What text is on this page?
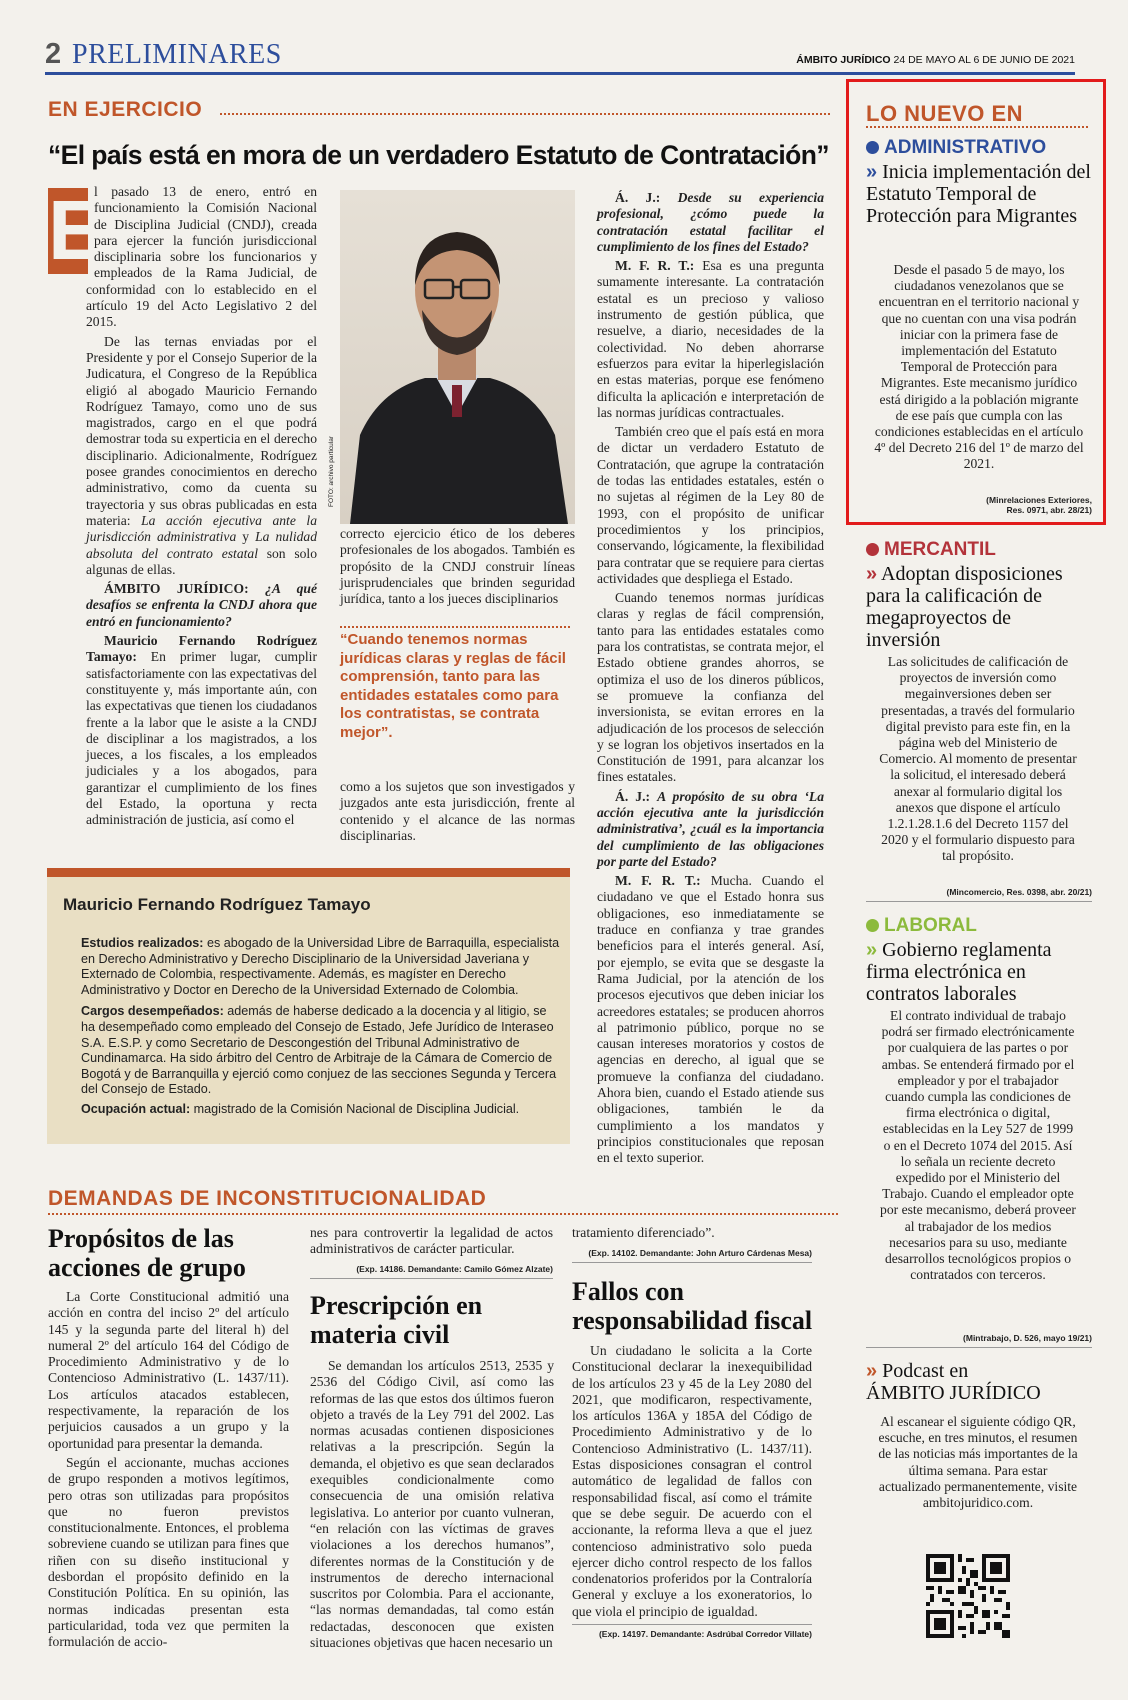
2 PRELIMINARES	ÁMBITO JURÍDICO 24 DE MAYO AL 6 DE JUNIO DE 2021
EN EJERCICIO
“El país está en mora de un verdadero Estatuto de Contratación”
E

l pasado 13 de enero, entró en funcionamiento la Comisión Nacional de Disciplina Judicial (CNDJ), creada para ejercer la función jurisdiccional disciplinaria sobre los funcionarios y empleados de la Rama Judicial, de conformidad con lo establecido en el artículo 19 del Acto Legislativo 2 del 2015.

De las ternas enviadas por el Presidente y por el Consejo Superior de la Judicatura, el Congreso de la República eligió al abogado Mauricio Fernando Rodríguez Tamayo, como uno de sus magistrados, cargo en el que podrá demostrar toda su experticia en el derecho disciplinario. Adicionalmente, Rodríguez posee grandes conocimientos en derecho administrativo, como da cuenta su trayectoria y sus obras publicadas en esta materia: La acción ejecutiva ante la jurisdicción administrativa y La nulidad absoluta del contrato estatal son solo algunas de ellas.

ÁMBITO JURÍDICO: ¿A qué desafíos se enfrenta la CNDJ ahora que entró en funcionamiento?

Mauricio Fernando Rodríguez Tamayo: En primer lugar, cumplir satisfactoriamente con las expectativas del constituyente y, más importante aún, con las expectativas que tienen los ciudadanos frente a la labor que le asiste a la CNDJ de disciplinar a los magistrados, a los jueces, a los fiscales, a los empleados judiciales y a los abogados, para garantizar el cumplimiento de los fines del Estado, la oportuna y recta administración de justicia, así como el

FOTO: archivo particular

correcto ejercicio ético de los deberes profesionales de los abogados. También es propósito de la CNDJ construir líneas jurisprudenciales que brinden seguridad jurídica, tanto a los jueces disciplinarios

“Cuando tenemos normas jurídicas claras y reglas de fácil comprensión, tanto para las entidades estatales como para los contratistas, se contrata mejor”.

como a los sujetos que son investigados y juzgados ante esta jurisdicción, frente al contenido y el alcance de las normas disciplinarias.

Á. J.: Desde su experiencia profesional, ¿cómo puede la contratación estatal facilitar el cumplimiento de los fines del Estado?

M. F. R. T.: Esa es una pregunta sumamente interesante. La contratación estatal es un precioso y valioso instrumento de gestión pública, que resuelve, a diario, necesidades de la colectividad. No deben ahorrarse esfuerzos para evitar la hiperlegislación en estas materias, porque ese fenómeno dificulta la aplicación e interpretación de las normas jurídicas contractuales.

También creo que el país está en mora de dictar un verdadero Estatuto de Contratación, que agrupe la contratación de todas las entidades estatales, estén o no sujetas al régimen de la Ley 80 de 1993, con el propósito de unificar procedimientos y los principios, conservando, lógicamente, la flexibilidad para contratar que se requiere para ciertas actividades que despliega el Estado.

Cuando tenemos normas jurídicas claras y reglas de fácil comprensión, tanto para las entidades estatales como para los contratistas, se contrata mejor, el Estado obtiene grandes ahorros, se optimiza el uso de los dineros públicos, se promueve la confianza del inversionista, se evitan errores en la adjudicación de los procesos de selección y se logran los objetivos insertados en la Constitución de 1991, para alcanzar los fines estatales.

Á. J.: A propósito de su obra ‘La acción ejecutiva ante la jurisdicción administrativa’, ¿cuál es la importancia del cumplimiento de las obligaciones por parte del Estado?

M. F. R. T.: Mucha. Cuando el ciudadano ve que el Estado honra sus obligaciones, eso inmediatamente se traduce en confianza y trae grandes beneficios para el interés general. Así, por ejemplo, se evita que se desgaste la Rama Judicial, por la atención de los procesos ejecutivos que deben iniciar los acreedores estatales; se producen ahorros al patrimonio público, porque no se causan intereses moratorios y costos de agencias en derecho, al igual que se promueve la confianza del ciudadano. Ahora bien, cuando el Estado atiende sus obligaciones, también le da cumplimiento a los mandatos y principios constitucionales que reposan en el texto superior.

Mauricio Fernando Rodríguez Tamayo

Estudios realizados: es abogado de la Universidad Libre de Barraquilla, especialista en Derecho Administrativo y Derecho Disciplinario de la Universidad Javeriana y Externado de Colombia, respectivamente. Además, es magíster en Derecho Administrativo y Doctor en Derecho de la Universidad Externado de Colombia.

Cargos desempeñados: además de haberse dedicado a la docencia y al litigio, se ha desempeñado como empleado del Consejo de Estado, Jefe Jurídico de Interaseo S.A. E.S.P. y como Secretario de Descongestión del Tribunal Administrativo de Cundinamarca. Ha sido árbitro del Centro de Arbitraje de la Cámara de Comercio de Bogotá y de Barranquilla y ejerció como conjuez de las secciones Segunda y Tercera del Consejo de Estado.

Ocupación actual: magistrado de la Comisión Nacional de Disciplina Judicial.

DEMANDAS DE INCONSTITUCIONALIDAD
Propósitos de las acciones de grupo

La Corte Constitucional admitió una acción en contra del inciso 2º del artículo 145 y la segunda parte del literal h) del numeral 2º del artículo 164 del Código de Procedimiento Administrativo y de lo Contencioso Administrativo (L. 1437/11). Los artículos atacados establecen, respectivamente, la reparación de los perjuicios causados a un grupo y la oportunidad para presentar la demanda.

Según el accionante, muchas acciones de grupo responden a motivos legítimos, pero otras son utilizadas para propósitos que no fueron previstos constitucionalmente. Entonces, el problema sobreviene cuando se utilizan para fines que riñen con su diseño institucional y desbordan el propósito definido en la Constitución Política. En su opinión, las normas indicadas presentan esta particularidad, toda vez que permiten la formulación de accio-

nes para controvertir la legalidad de actos administrativos de carácter particular.

(Exp. 14186. Demandante: Camilo Gómez Alzate)
Prescripción en materia civil

Se demandan los artículos 2513, 2535 y 2536 del Código Civil, así como las reformas de las que estos dos últimos fueron objeto a través de la Ley 791 del 2002. Las normas acusadas contienen disposiciones relativas a la prescripción. Según la demanda, el objetivo es que sean declarados exequibles condicionalmente como consecuencia de una omisión relativa legislativa. Lo anterior por cuanto vulneran, “en relación con las víctimas de graves violaciones a los derechos humanos”, diferentes normas de la Constitución y de instrumentos de derecho internacional suscritos por Colombia. Para el accionante, “las normas demandadas, tal como están redactadas, desconocen que existen situaciones objetivas que hacen necesario un

tratamiento diferenciado”.

(Exp. 14102. Demandante: John Arturo Cárdenas Mesa)
Fallos con responsabilidad fiscal

Un ciudadano le solicita a la Corte Constitucional declarar la inexequibilidad de los artículos 23 y 45 de la Ley 2080 del 2021, que modificaron, respectivamente, los artículos 136A y 185A del Código de Procedimiento Administrativo y de lo Contencioso Administrativo (L. 1437/11). Estas disposiciones consagran el control automático de legalidad de fallos con responsabilidad fiscal, así como el trámite que se debe seguir. De acuerdo con el accionante, la reforma lleva a que el juez contencioso administrativo solo pueda ejercer dicho control respecto de los fallos condenatorios proferidos por la Contraloría General y excluye a los exoneratorios, lo que viola el principio de igualdad.

(Exp. 14197. Demandante: Asdrúbal Corredor Villate)
LO NUEVO EN
ADMINISTRATIVO
» Inicia implementación del Estatuto Temporal de Protección para Migrantes
Desde el pasado 5 de mayo, los ciudadanos venezolanos que se encuentran en el territorio nacional y que no cuentan con una visa podrán iniciar con la primera fase de implementación del Estatuto Temporal de Protección para Migrantes. Este mecanismo jurídico está dirigido a la población migrante de ese país que cumpla con las condiciones establecidas en el artículo 4º del Decreto 216 del 1º de marzo del 2021.
(Minrelaciones Exteriores,
Res. 0971, abr. 28/21)
MERCANTIL
» Adoptan disposiciones para la calificación de megaproyectos de inversión
Las solicitudes de calificación de proyectos de inversión como megainversiones deben ser presentadas, a través del formulario digital previsto para este fin, en la página web del Ministerio de Comercio. Al momento de presentar la solicitud, el interesado deberá anexar al formulario digital los anexos que dispone el artículo 1.2.1.28.1.6 del Decreto 1157 del 2020 y el formulario dispuesto para tal propósito.
(Mincomercio, Res. 0398, abr. 20/21)
LABORAL
» Gobierno reglamenta firma electrónica en contratos laborales
El contrato individual de trabajo podrá ser firmado electrónicamente por cualquiera de las partes o por ambas. Se entenderá firmado por el empleador y por el trabajador cuando cumpla las condiciones de firma electrónica o digital, establecidas en la Ley 527 de 1999 o en el Decreto 1074 del 2015. Así lo señala un reciente decreto expedido por el Ministerio del Trabajo. Cuando el empleador opte por este mecanismo, deberá proveer al trabajador de los medios necesarios para su uso, mediante desarrollos tecnológicos propios o contratados con terceros.
(Mintrabajo, D. 526, mayo 19/21)
» Podcast en
ÁMBITO JURÍDICO
Al escanear el siguiente código QR, escuche, en tres minutos, el resumen de las noticias más importantes de la última semana. Para estar actualizado permanentemente, visite ambitojuridico.com.
